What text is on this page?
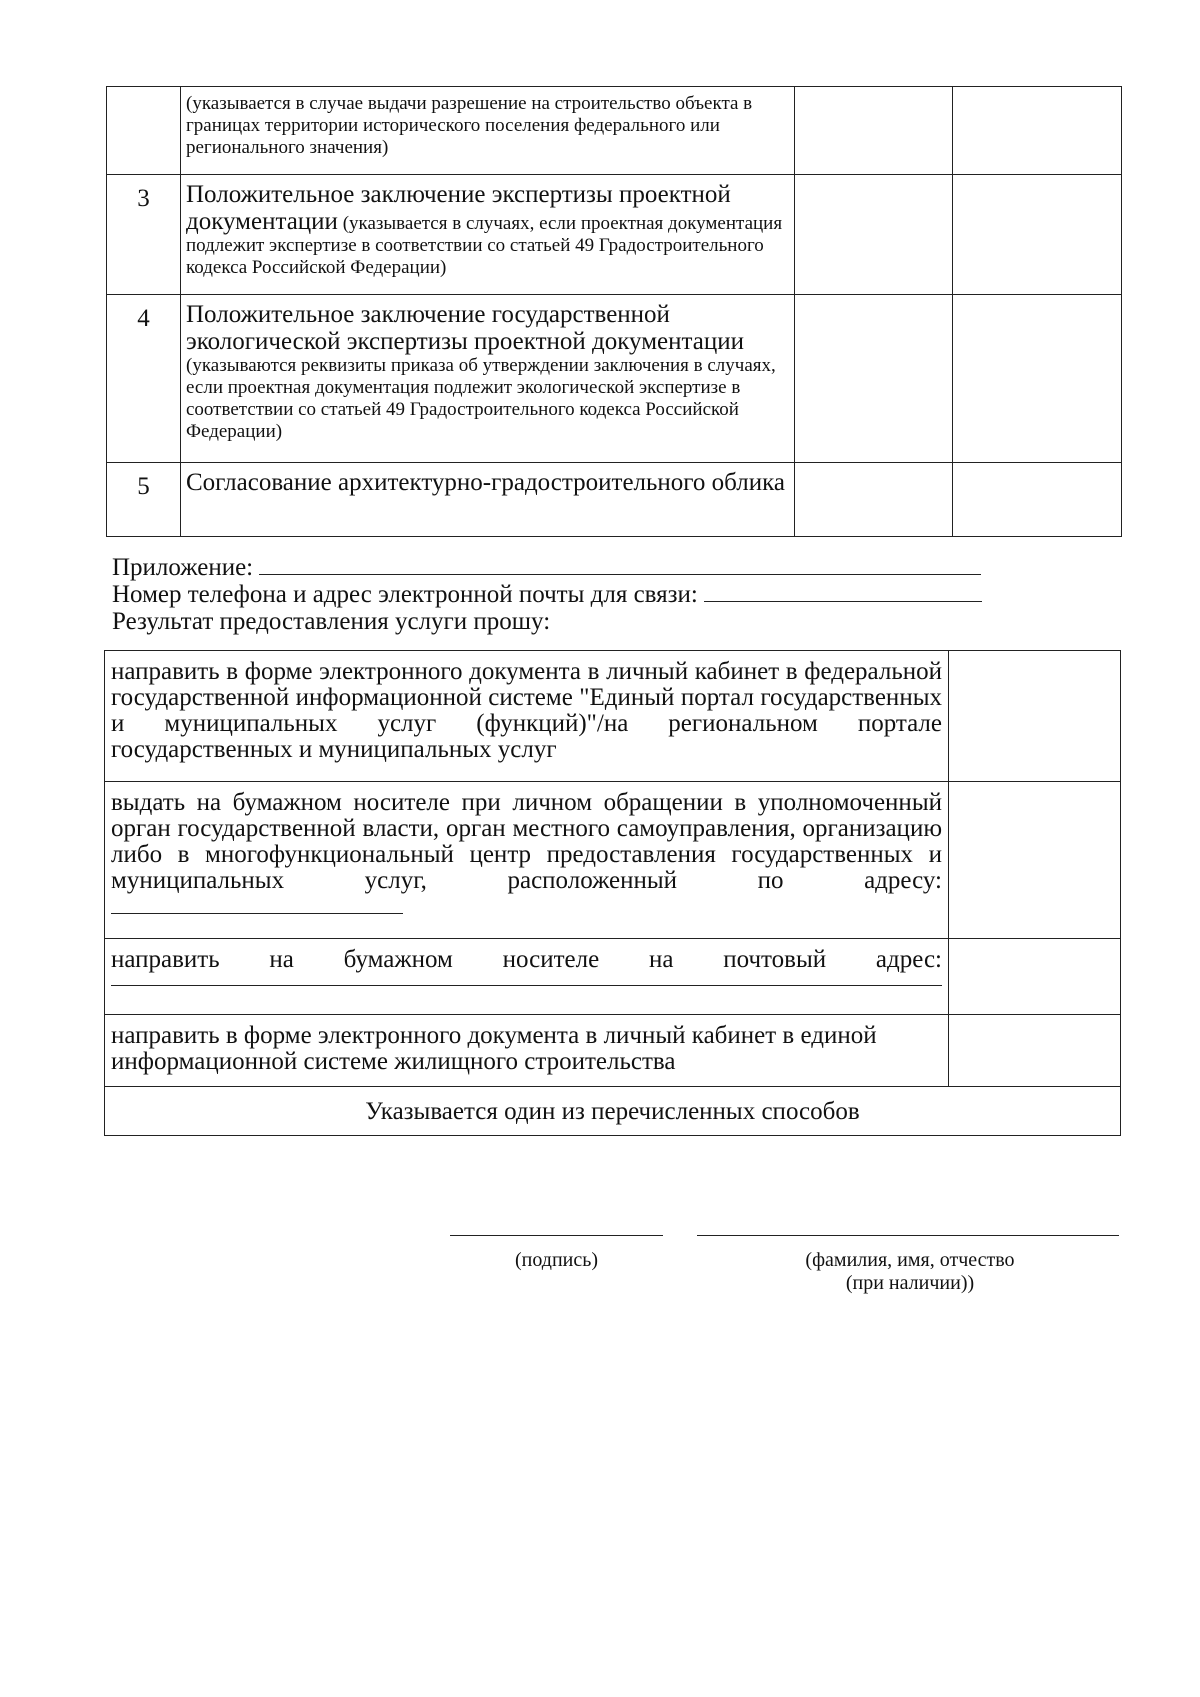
	(указывается в случае выдачи разрешение на строительство объекта в границах территории исторического поселения федерального или регионального значения)		

3	Положительное заключение экспертизы проектной документации (указывается в случаях, если проектная документация подлежит экспертизе в соответствии со статьей 49 Градостроительного кодекса Российской Федерации)		
4	Положительное заключение государственной экологической экспертизы проектной документации (указываются реквизиты приказа об утверждении заключения в случаях, если проектная документация подлежит экологической экспертизе в соответствии со статьей 49 Градостроительного кодекса Российской Федерации)		
5	Согласование архитектурно-градостроительного облика		
Приложение:
Номер телефона и адрес электронной почты для связи:
Результат предоставления услуги прошу:
направить в форме электронного документа в личный кабинет в федеральной государственной информационной системе "Единый портал государственных и муниципальных услуг (функций)"/на региональном портале государственных и муниципальных услуг	
выдать на бумажном носителе при личном обращении в уполномоченный орган государственной власти, орган местного самоуправления, организацию либо в многофункциональный центр предоставления государственных и муниципальных услуг, расположенный по адресу:	

направить на бумажном носителе на почтовый адрес:	

направить в форме электронного документа в личный кабинет в единой информационной системе жилищного строительства	
Указывается один из перечисленных способов	
(подпись)	(фамилия, имя, отчество
(при наличии))
